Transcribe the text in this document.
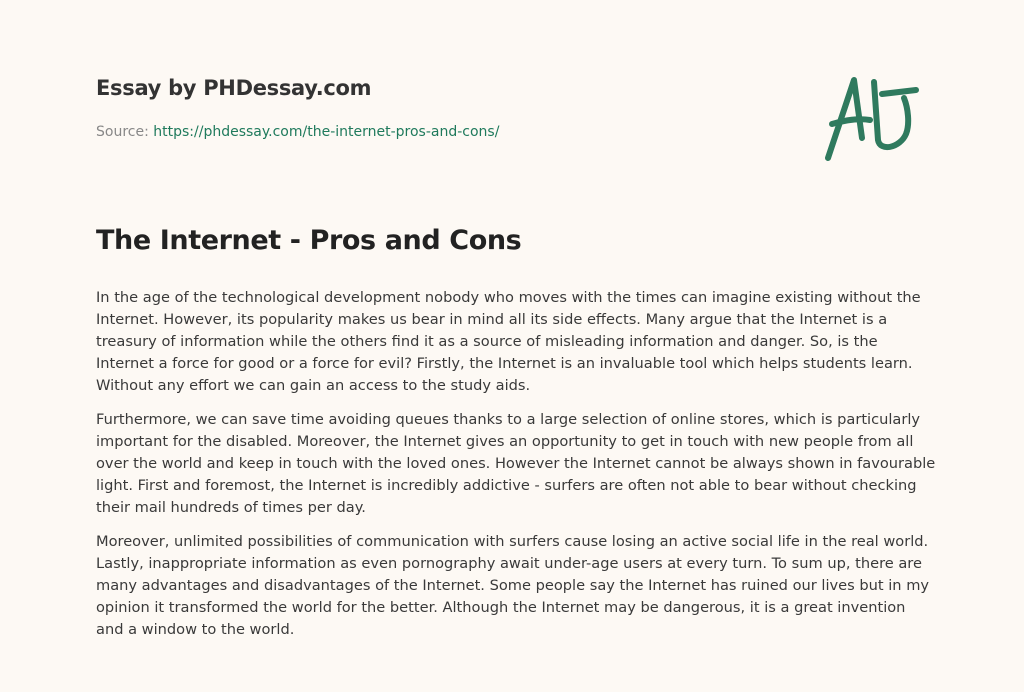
Essay by PHDessay.com
Source: https://phdessay.com/the-internet-pros-and-cons/
The Internet - Pros and Cons

In the age of the technological development nobody who moves with the times can imagine existing without the Internet. However, its popularity makes us bear in mind all its side effects. Many argue that the Internet is a treasury of information while the others find it as a source of misleading information and danger. So, is the Internet a force for good or a force for evil? Firstly, the Internet is an invaluable tool which helps students learn. Without any effort we can gain an access to the study aids.

Furthermore, we can save time avoiding queues thanks to a large selection of online stores, which is particularly important for the disabled. Moreover, the Internet gives an opportunity to get in touch with new people from all over the world and keep in touch with the loved ones. However the Internet cannot be always shown in favourable light. First and foremost, the Internet is incredibly addictive - surfers are often not able to bear without checking their mail hundreds of times per day.

Moreover, unlimited possibilities of communication with surfers cause losing an active social life in the real world. Lastly, inappropriate information as even pornography await under-age users at every turn. To sum up, there are many advantages and disadvantages of the Internet. Some people say the Internet has ruined our lives but in my opinion it transformed the world for the better. Although the Internet may be dangerous, it is a great invention and a window to the world.
